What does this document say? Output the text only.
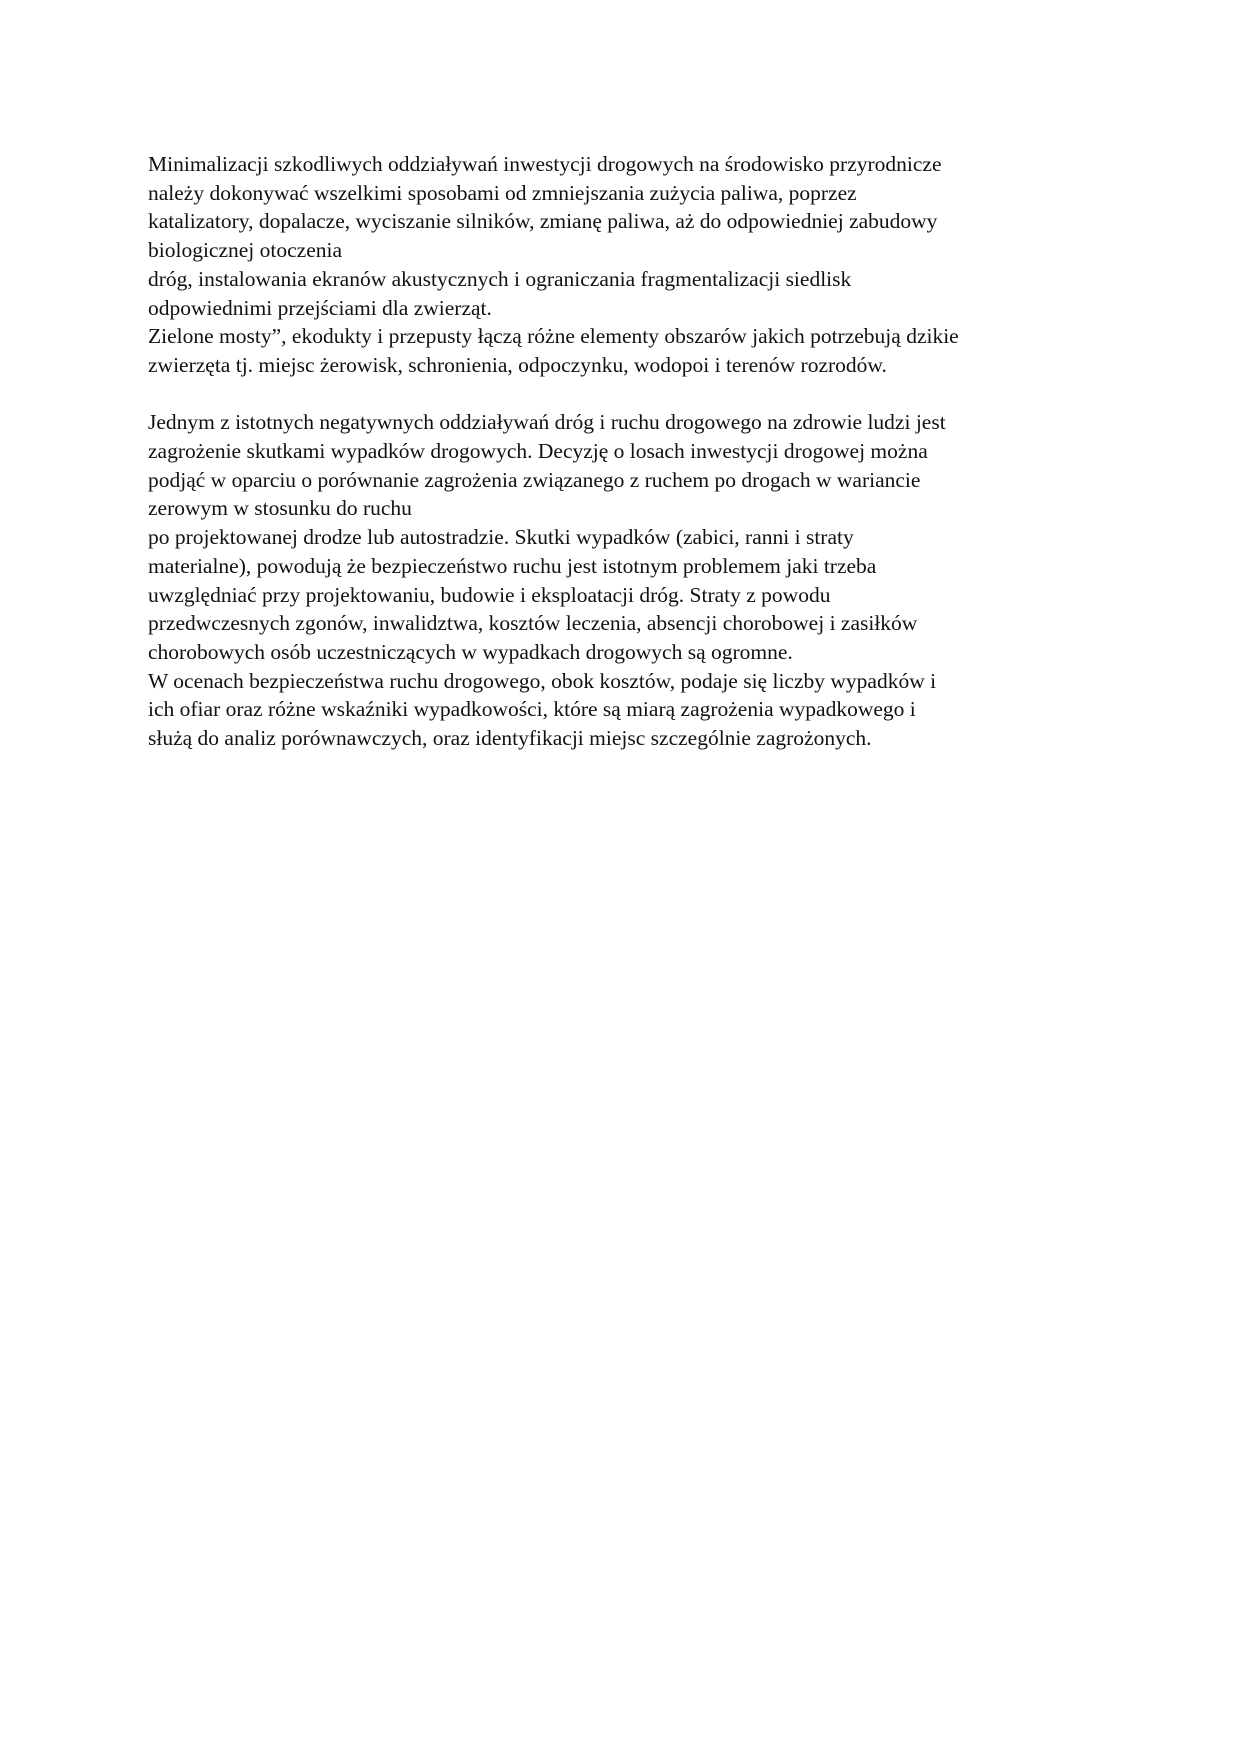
Minimalizacji szkodliwych oddziaływań inwestycji drogowych na środowisko przyrodnicze
należy dokonywać wszelkimi sposobami od zmniejszania zużycia paliwa, poprzez
katalizatory, dopalacze, wyciszanie silników, zmianę paliwa, aż do odpowiedniej zabudowy
biologicznej otoczenia
dróg, instalowania ekranów akustycznych i ograniczania fragmentalizacji siedlisk
odpowiednimi przejściami dla zwierząt.
Zielone mosty”, ekodukty i przepusty łączą różne elementy obszarów jakich potrzebują dzikie
zwierzęta tj. miejsc żerowisk, schronienia, odpoczynku, wodopoi i terenów rozrodów.
Jednym z istotnych negatywnych oddziaływań dróg i ruchu drogowego na zdrowie ludzi jest
zagrożenie skutkami wypadków drogowych. Decyzję o losach inwestycji drogowej można
podjąć w oparciu o porównanie zagrożenia związanego z ruchem po drogach w wariancie
zerowym w stosunku do ruchu
po projektowanej drodze lub autostradzie. Skutki wypadków (zabici, ranni i straty
materialne), powodują że bezpieczeństwo ruchu jest istotnym problemem jaki trzeba
uwzględniać przy projektowaniu, budowie i eksploatacji dróg. Straty z powodu
przedwczesnych zgonów, inwalidztwa, kosztów leczenia, absencji chorobowej i zasiłków
chorobowych osób uczestniczących w wypadkach drogowych są ogromne.
W ocenach bezpieczeństwa ruchu drogowego, obok kosztów, podaje się liczby wypadków i
ich ofiar oraz różne wskaźniki wypadkowości, które są miarą zagrożenia wypadkowego i
służą do analiz porównawczych, oraz identyfikacji miejsc szczególnie zagrożonych.
